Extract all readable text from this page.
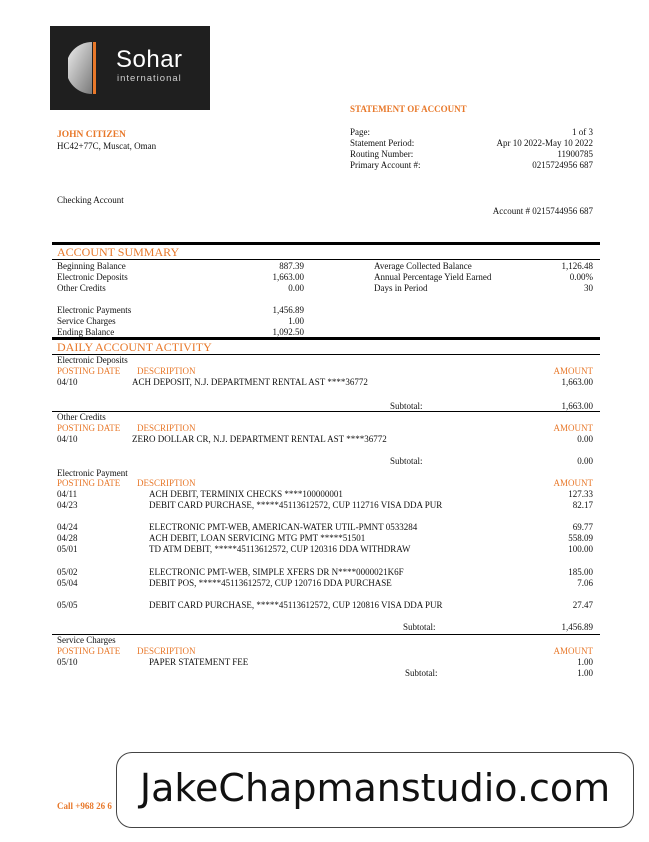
Sohar
international
STATEMENT OF ACCOUNT
JOHN CITIZEN
HC42+77C, Muscat, Oman
Page:	1 of 3
Statement Period:	Apr 10 2022-May 10 2022
Routing Number:	11900785
Primary Account #:	0215724956 687
Checking Account
Account # 0215744956 687
ACCOUNT SUMMARY
Beginning Balance	887.39
Electronic Deposits	1,663.00
Other Credits	0.00
Electronic Payments	1,456.89
Service Charges	1.00
Ending Balance	1,092.50
Average Collected Balance	1,126.48
Annual Percentage Yield Earned	0.00%
Days in Period	30
DAILY ACCOUNT ACTIVITY
Electronic Deposits
POSTING DATE DESCRIPTION	AMOUNT
04/10	ACH DEPOSIT, N.J. DEPARTMENT RENTAL AST ****36772	1,663.00
Subtotal:	1,663.00
Other Credits
POSTING DATE DESCRIPTION	AMOUNT
04/10	ZERO DOLLAR CR, N.J. DEPARTMENT RENTAL AST ****36772	0.00
Subtotal:	0.00
Electronic Payment
POSTING DATE DESCRIPTION	AMOUNT
04/11	ACH DEBIT, TERMINIX CHECKS ****100000001	127.33
04/23	DEBIT CARD PURCHASE, *****45113612572, CUP 112716 VISA DDA PUR	82.17
04/24	ELECTRONIC PMT-WEB, AMERICAN-WATER UTIL-PMNT 0533284	69.77
04/28	ACH DEBIT, LOAN SERVICING MTG PMT *****51501	558.09
05/01	TD ATM DEBIT, *****45113612572, CUP 120316 DDA WITHDRAW	100.00
05/02	ELECTRONIC PMT-WEB, SIMPLE XFERS DR N****0000021K6F	185.00
05/04	DEBIT POS, *****45113612572, CUP 120716 DDA PURCHASE	7.06
05/05	DEBIT CARD PURCHASE, *****45113612572, CUP 120816 VISA DDA PUR	27.47
Subtotal:	1,456.89
Service Charges
POSTING DATE DESCRIPTION	AMOUNT
05/10	PAPER STATEMENT FEE	1.00
Subtotal:	1.00
Call +968 26 6 JakeChapmanstudio.com
